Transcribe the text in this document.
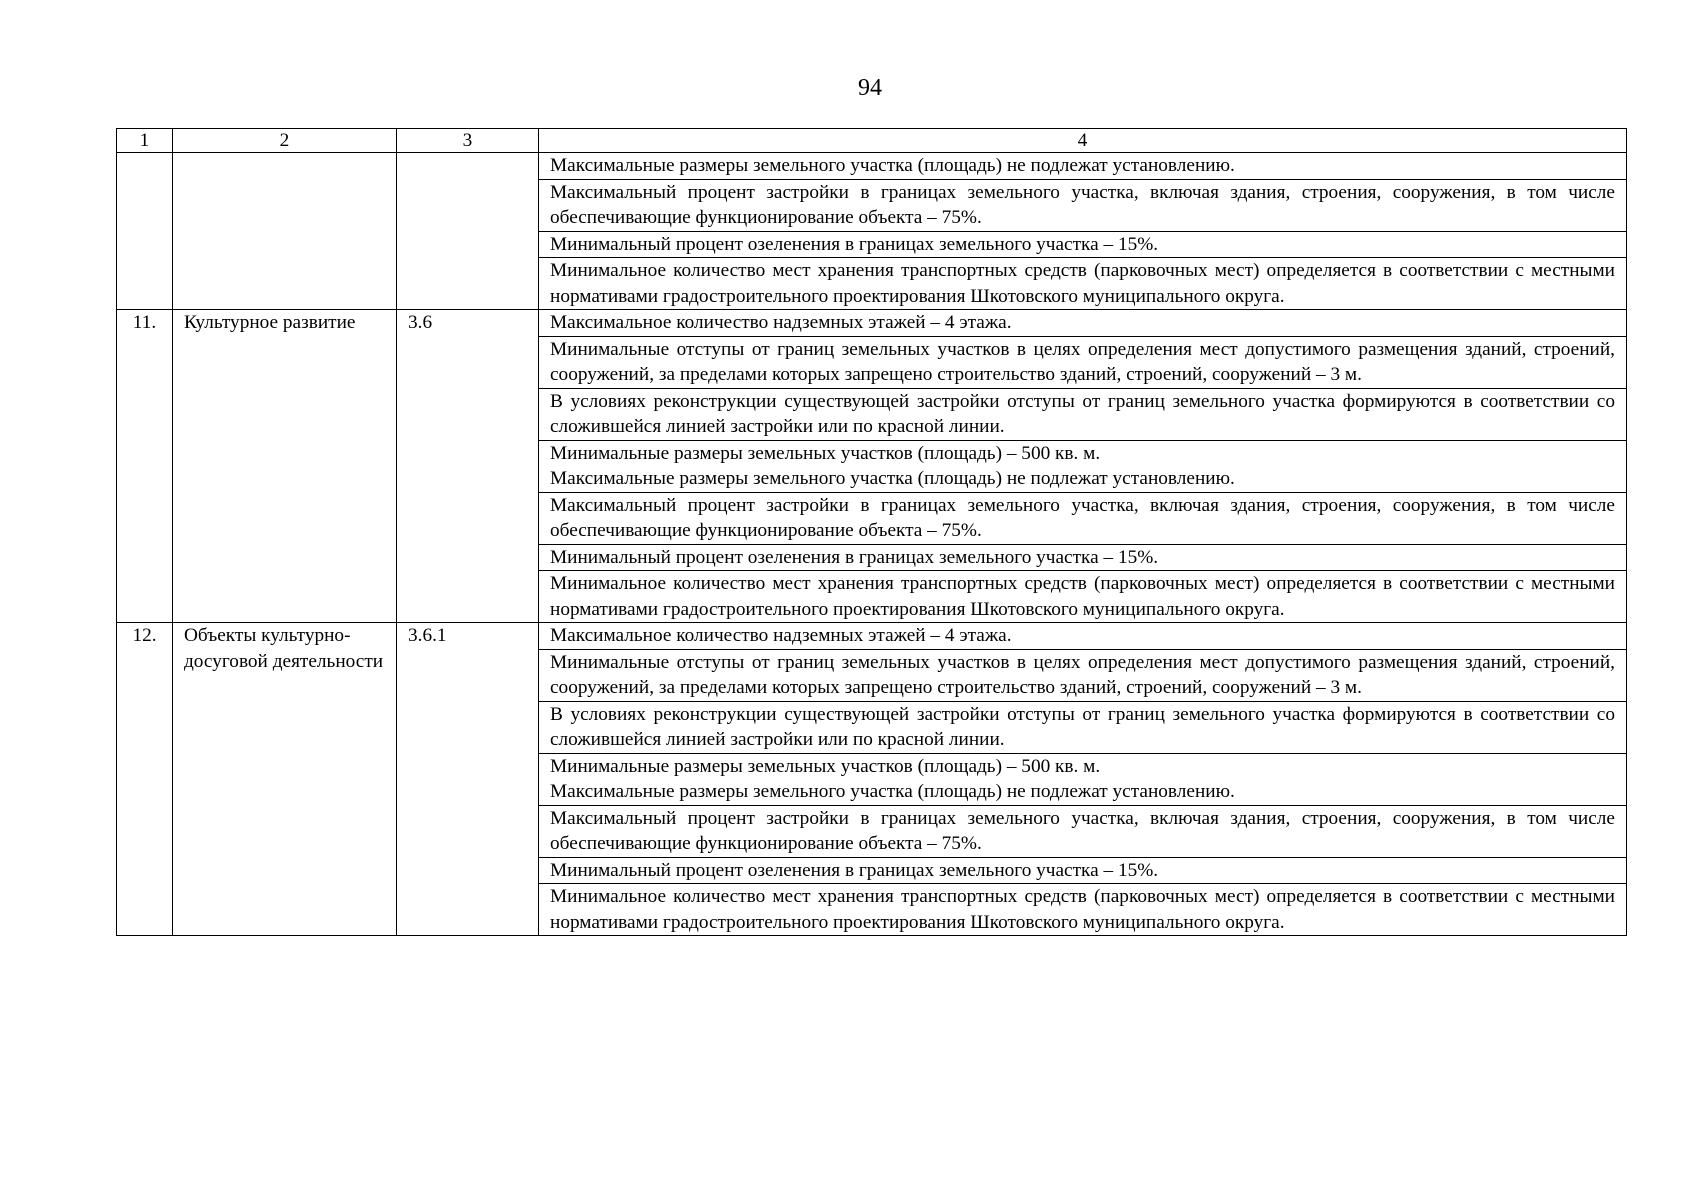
94
1	2	3	4

			Максимальные размеры земельного участка (площадь) не подлежат установлению.

			Максимальный процент застройки в границах земельного участка, включая здания, строения, сооружения, в том числе обеспечивающие функционирование объекта – 75%.

			Минимальный процент озеленения в границах земельного участка – 15%.

			Минимальное количество мест хранения транспортных средств (парковочных мест) определяется в соответствии с местными нормативами градостроительного проектирования Шкотовского муниципального округа.

11.	Культурное развитие	3.6	Максимальное количество надземных этажей – 4 этажа.

			Минимальные отступы от границ земельных участков в целях определения мест допустимого размещения зданий, строений, сооружений, за пределами которых запрещено строительство зданий, строений, сооружений – 3 м.

			В условиях реконструкции существующей застройки отступы от границ земельного участка формируются в соответствии со сложившейся линией застройки или по красной линии.

			Минимальные размеры земельных участков (площадь) – 500 кв. м.
Максимальные размеры земельного участка (площадь) не подлежат установлению.

			Максимальный процент застройки в границах земельного участка, включая здания, строения, сооружения, в том числе обеспечивающие функционирование объекта – 75%.

			Минимальный процент озеленения в границах земельного участка – 15%.

			Минимальное количество мест хранения транспортных средств (парковочных мест) определяется в соответствии с местными нормативами градостроительного проектирования Шкотовского муниципального округа.

12.	Объекты культурно-досуговой деятельности	3.6.1	Максимальное количество надземных этажей – 4 этажа.

			Минимальные отступы от границ земельных участков в целях определения мест допустимого размещения зданий, строений, сооружений, за пределами которых запрещено строительство зданий, строений, сооружений – 3 м.

			В условиях реконструкции существующей застройки отступы от границ земельного участка формируются в соответствии со сложившейся линией застройки или по красной линии.

			Минимальные размеры земельных участков (площадь) – 500 кв. м.
Максимальные размеры земельного участка (площадь) не подлежат установлению.

			Максимальный процент застройки в границах земельного участка, включая здания, строения, сооружения, в том числе обеспечивающие функционирование объекта – 75%.

			Минимальный процент озеленения в границах земельного участка – 15%.

			Минимальное количество мест хранения транспортных средств (парковочных мест) определяется в соответствии с местными нормативами градостроительного проектирования Шкотовского муниципального округа.
